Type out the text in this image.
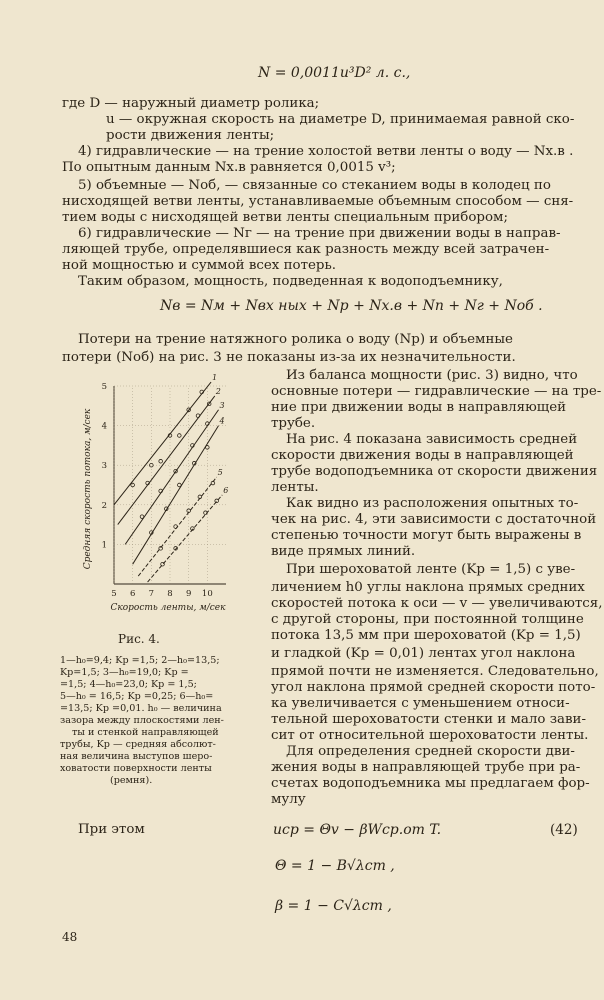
N = 0,0011u³D² л. с.,
где D — наружный диаметр ролика;
u — окружная скорость на диаметре D, принимаемая равной ско-
рости движения ленты;
4) гидравлические — на трение холостой ветви ленты о воду — Nх.в .
По опытным данным Nх.в равняется 0,0015 v³;
5) объемные — Nоб, — связанные со стеканием воды в колодец по
нисходящей ветви ленты, устанавливаемые объемным способом — сня-
тием воды с нисходящей ветви ленты специальным прибором;
6) гидравлические — Nг — на трение при движении воды в направ-
ляющей трубе, определявшиеся как разность между всей затрачен-
ной мощностью и суммой всех потерь.
Таким образом, мощность, подведенная к водоподъемнику,
Nв = Nм + Nвх ных + Nр + Nх.в + Nп + Nг + Nоб .
Потери на трение натяжного ролика о воду (Nр) и объемные
потери (Nоб) на рис. 3 не показаны из-за их незначительности.
1
2
3
4
5
6
5 6 7 8 9 10
1
2
3
4
5
Средняя скорость потока, м/сек
Скорость ленты, м/сек
Рис. 4.
1—h₀=9,4; Kр =1,5; 2—h₀=13,5;
Kр=1,5; 3—h₀=19,0; Kр =
=1,5; 4—h₀=23,0; Kр = 1,5;
5—h₀ = 16,5; Kр =0,25; 6—h₀=
=13,5; Kр =0,01. h₀ — величина
зазора между плоскостями лен-
ты и стенкой направляющей
трубы, Kр — средняя абсолют-
ная величина выступов шеро-
ховатости поверхности ленты
(ремня).
Из баланса мощности (рис. 3) видно, что
основные потери — гидравлические — на тре-
ние при движении воды в направляющей
трубе.
На рис. 4 показана зависимость средней
скорости движения воды в направляющей
трубе водоподъемника от скорости движения
ленты.
Как видно из расположения опытных то-
чек на рис. 4, эти зависимости с достаточной
степенью точности могут быть выражены в
виде прямых линий.
При шероховатой ленте (Kр = 1,5) с уве-
личением h0 углы наклона прямых средних
скоростей потока к оси — v — увеличиваются,
с другой стороны, при постоянной толщине
потока 13,5 мм при шероховатой (Kр = 1,5)
и гладкой (Kр = 0,01) лентах угол наклона
прямой почти не изменяется. Следовательно,
угол наклона прямой средней скорости пото-
ка увеличивается с уменьшением относи-
тельной шероховатости стенки и мало зави-
сит от относительной шероховатости ленты.
Для определения средней скорости дви-
жения воды в направляющей трубе при ра-
счетах водоподъемника мы предлагаем фор-
мулу
uср = Θv − βWср.от T.	(42)
При этом
Θ = 1 − B√λст ,
β = 1 − C√λст ,
48
